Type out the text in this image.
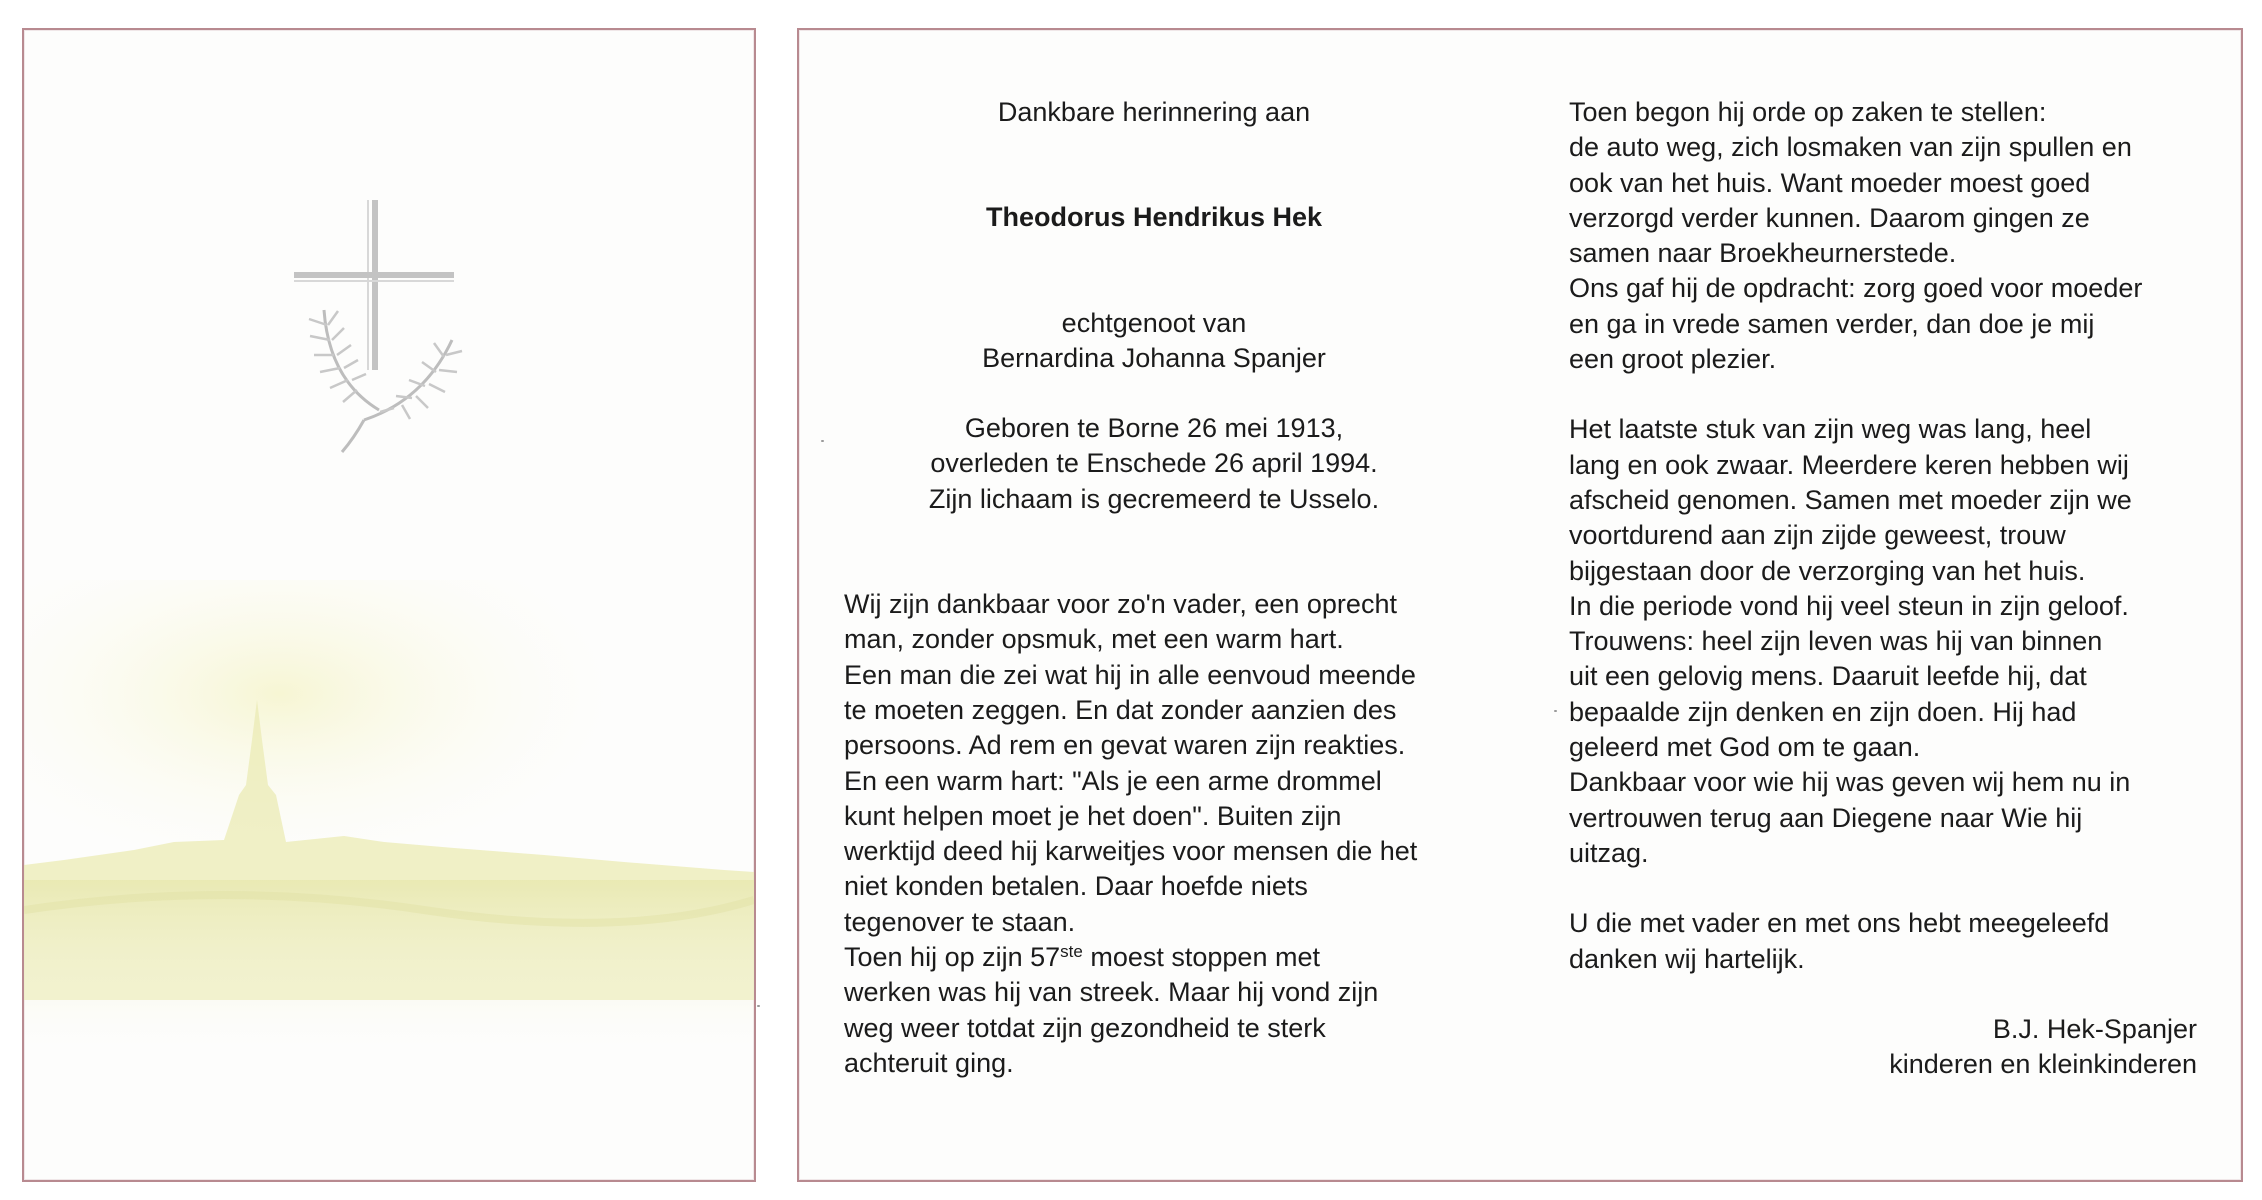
Dankbare herinnering aan
Theodorus Hendrikus Hek
echtgenoot van
Bernardina Johanna Spanjer
Geboren te Borne 26 mei 1913,
overleden te Enschede 26 april 1994.
Zijn lichaam is gecremeerd te Usselo.
Wij zijn dankbaar voor zo'n vader, een oprecht
man, zonder opsmuk, met een warm hart.
Een man die zei wat hij in alle eenvoud meende
te moeten zeggen. En dat zonder aanzien des
persoons. Ad rem en gevat waren zijn reakties.
En een warm hart: "Als je een arme drommel
kunt helpen moet je het doen". Buiten zijn
werktijd deed hij karweitjes voor mensen die het
niet konden betalen. Daar hoefde niets
tegenover te staan.
Toen hij op zijn 57ste moest stoppen met
werken was hij van streek. Maar hij vond zijn
weg weer totdat zijn gezondheid te sterk
achteruit ging.
Toen begon hij orde op zaken te stellen:
de auto weg, zich losmaken van zijn spullen en
ook van het huis. Want moeder moest goed
verzorgd verder kunnen. Daarom gingen ze
samen naar Broekheurnerstede.
Ons gaf hij de opdracht: zorg goed voor moeder
en ga in vrede samen verder, dan doe je mij
een groot plezier.
Het laatste stuk van zijn weg was lang, heel
lang en ook zwaar. Meerdere keren hebben wij
afscheid genomen. Samen met moeder zijn we
voortdurend aan zijn zijde geweest, trouw
bijgestaan door de verzorging van het huis.
In die periode vond hij veel steun in zijn geloof.
Trouwens: heel zijn leven was hij van binnen
uit een gelovig mens. Daaruit leefde hij, dat
bepaalde zijn denken en zijn doen. Hij had
geleerd met God om te gaan.
Dankbaar voor wie hij was geven wij hem nu in
vertrouwen terug aan Diegene naar Wie hij
uitzag.
U die met vader en met ons hebt meegeleefd
danken wij hartelijk.
B.J. Hek-Spanjer
kinderen en kleinkinderen
